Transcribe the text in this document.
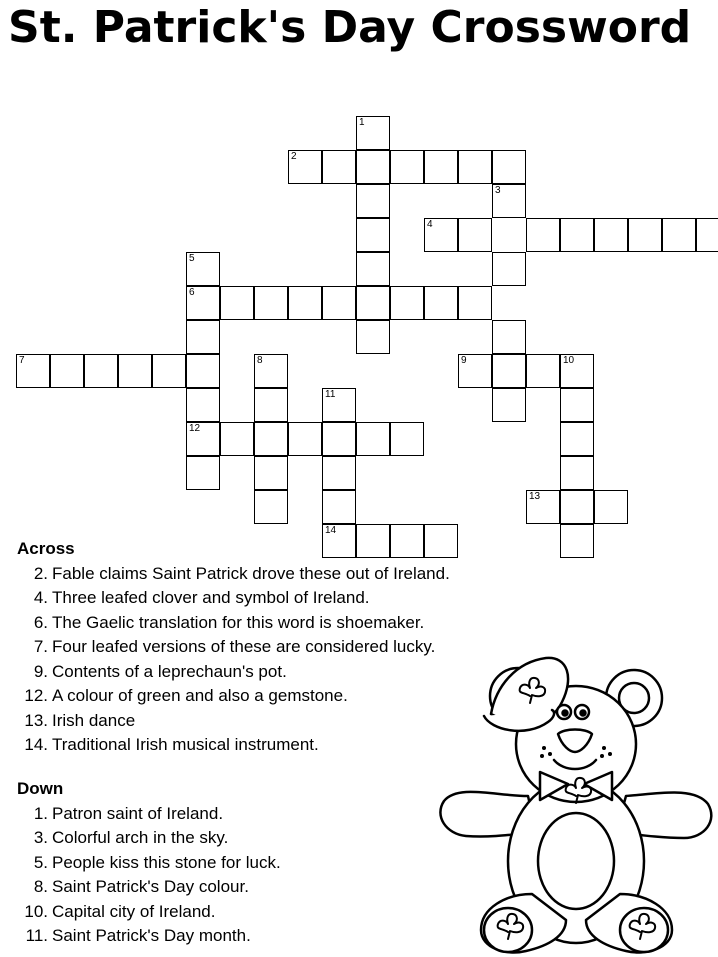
St. Patrick's Day Crossword
1
2
3
4
5
6
7	8	9	10
11
12
13
14
Across
2. Fable claims Saint Patrick drove these out of Ireland.
4. Three leafed clover and symbol of Ireland.
6. The Gaelic translation for this word is shoemaker.
7. Four leafed versions of these are considered lucky.
9. Contents of a leprechaun's pot.
12. A colour of green and also a gemstone.
13. Irish dance
14. Traditional Irish musical instrument.
Down
1. Patron saint of Ireland.
3. Colorful arch in the sky.
5. People kiss this stone for luck.
8. Saint Patrick's Day colour.
10. Capital city of Ireland.
11. Saint Patrick's Day month.
